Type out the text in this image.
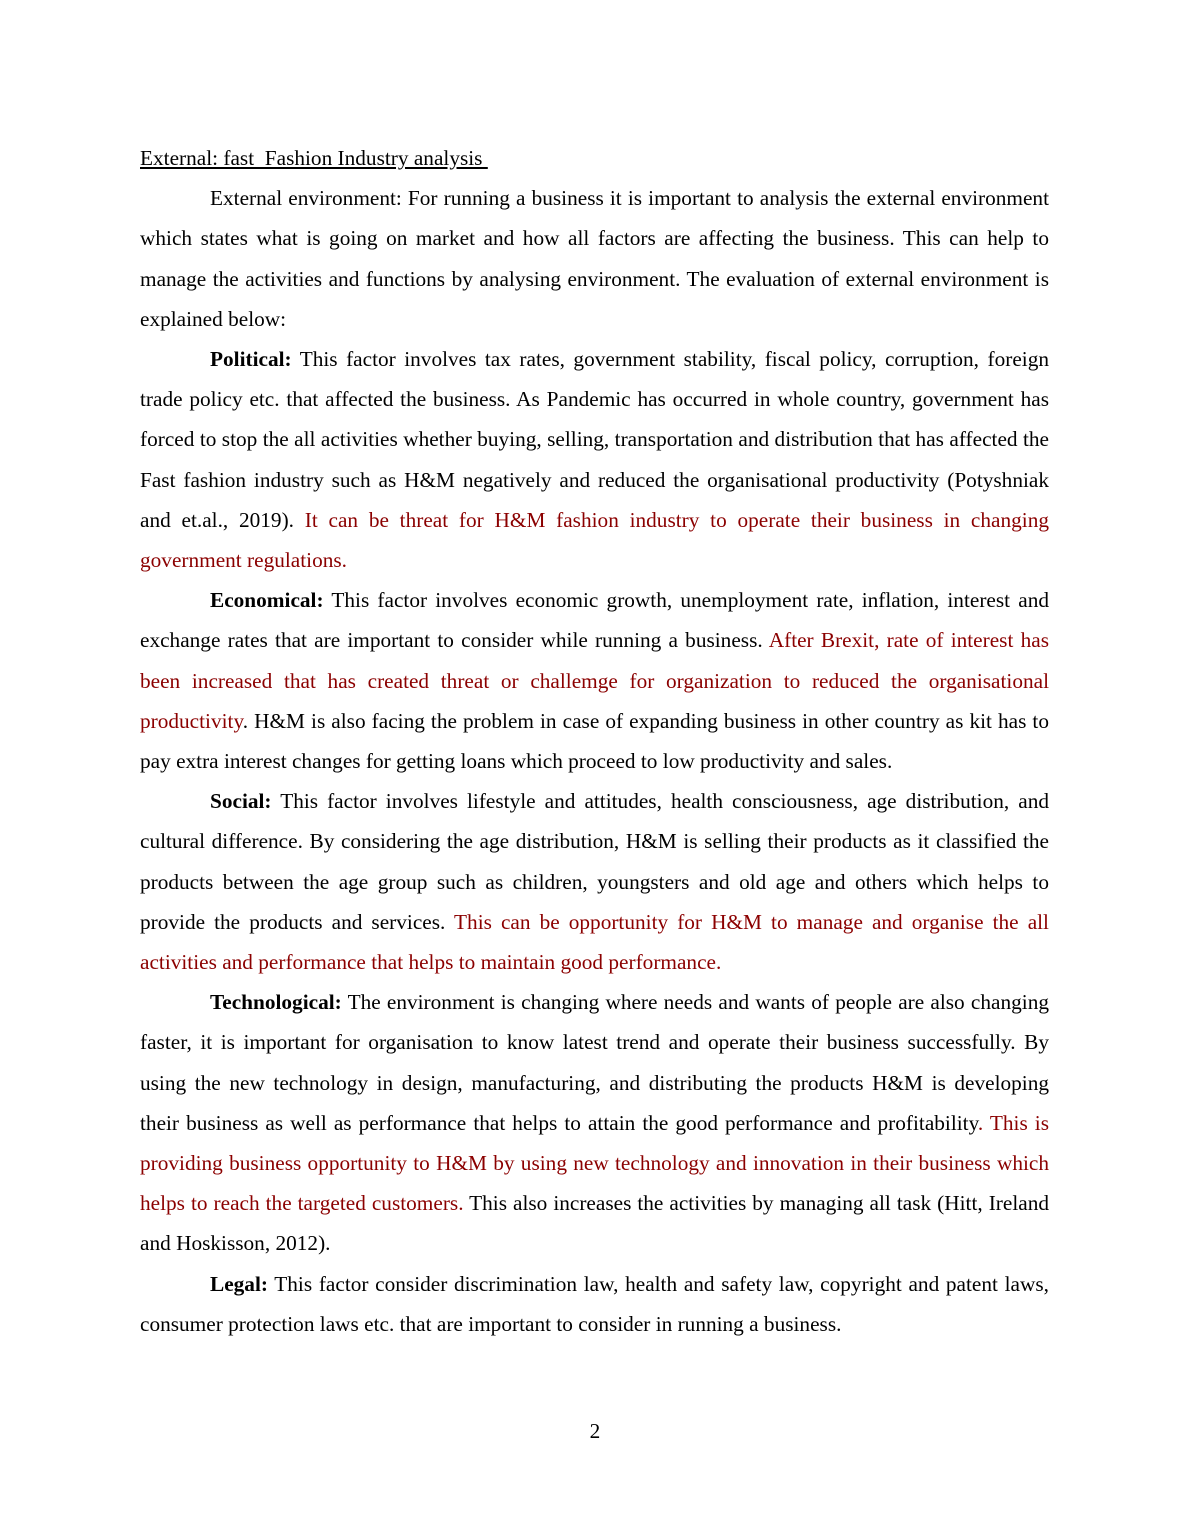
External: fast  Fashion Industry analysis

External environment: For running a business it is important to analysis the external environment which states what is going on market and how all factors are affecting the business. This can help to manage the activities and functions by analysing environment. The evaluation of external environment is explained below:

Political: This factor involves tax rates, government stability, fiscal policy, corruption, foreign trade policy etc. that affected the business. As Pandemic has occurred in whole country, government has forced to stop the all activities whether buying, selling, transportation and distribution that has affected the Fast fashion industry such as H&M negatively and reduced the organisational productivity (Potyshniak and et.al., 2019). It can be threat for H&M fashion industry to operate their business in changing government regulations.

Economical: This factor involves economic growth, unemployment rate, inflation, interest and exchange rates that are important to consider while running a business. After Brexit, rate of interest has been increased that has created threat or challemge for organization to reduced the organisational productivity. H&M is also facing the problem in case of expanding business in other country as kit has to pay extra interest changes for getting loans which proceed to low productivity and sales.

Social: This factor involves lifestyle and attitudes, health consciousness, age distribution, and cultural difference. By considering the age distribution, H&M is selling their products as it classified the products between the age group such as children, youngsters and old age and others which helps to provide the products and services. This can be opportunity for H&M to manage and organise the all activities and performance that helps to maintain good performance.

Technological: The environment is changing where needs and wants of people are also changing faster, it is important for organisation to know latest trend and operate their business successfully. By using the new technology in design, manufacturing, and distributing the products H&M is developing their business as well as performance that helps to attain the good performance and profitability. This is providing business opportunity to H&M by using new technology and innovation in their business which helps to reach the targeted customers. This also increases the activities by managing all task (Hitt, Ireland and Hoskisson, 2012).

Legal: This factor consider discrimination law, health and safety law, copyright and patent laws, consumer protection laws etc. that are important to consider in running a business.

2
